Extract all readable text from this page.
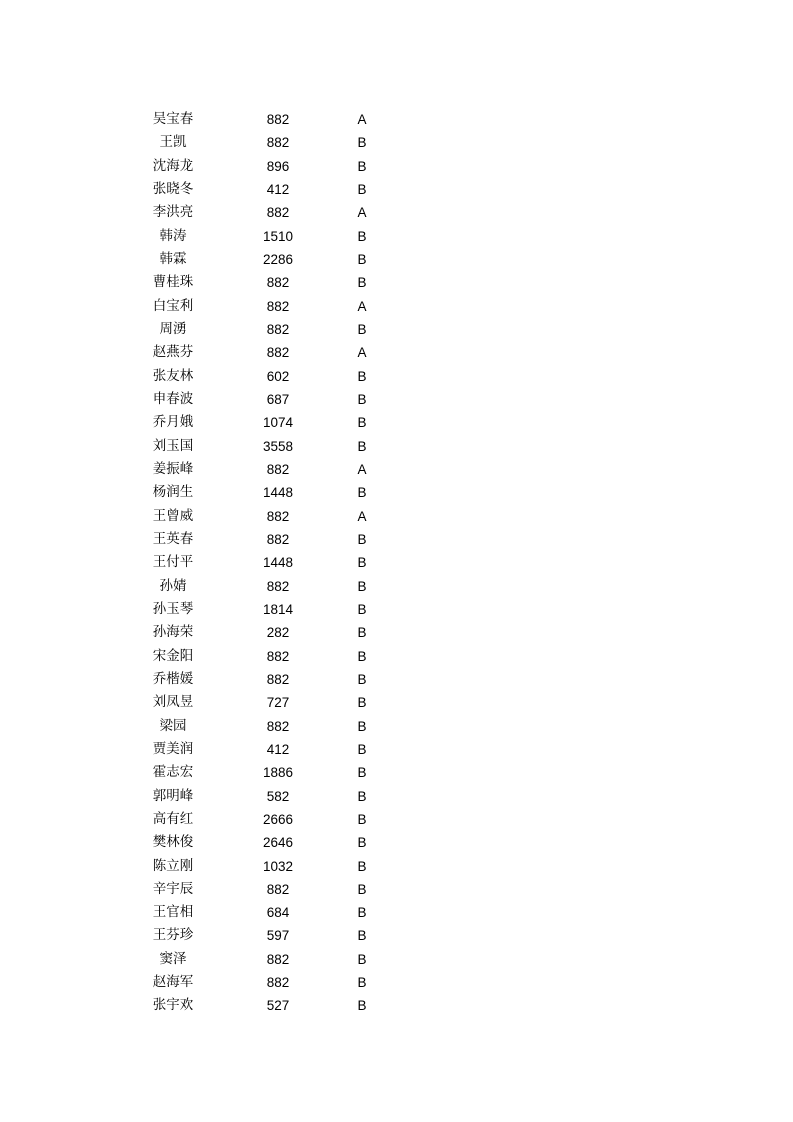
吴宝春	882	A
王凯	882	B
沈海龙	896	B
张晓冬	412	B
李洪亮	882	A
韩涛	1510	B
韩霖	2286	B
曹桂珠	882	B
白宝利	882	A
周湧	882	B
赵燕芬	882	A
张友林	602	B
申春波	687	B
乔月娥	1074	B
刘玉国	3558	B
姜振峰	882	A
杨润生	1448	B
王曾威	882	A
王英春	882	B
王付平	1448	B
孙婧	882	B
孙玉琴	1814	B
孙海荣	282	B
宋金阳	882	B
乔楷媛	882	B
刘凤昱	727	B
梁园	882	B
贾美润	412	B
霍志宏	1886	B
郭明峰	582	B
高有红	2666	B
樊林俊	2646	B
陈立刚	1032	B
辛宇辰	882	B
王官相	684	B
王芬珍	597	B
窦泽	882	B
赵海军	882	B
张宇欢	527	B
